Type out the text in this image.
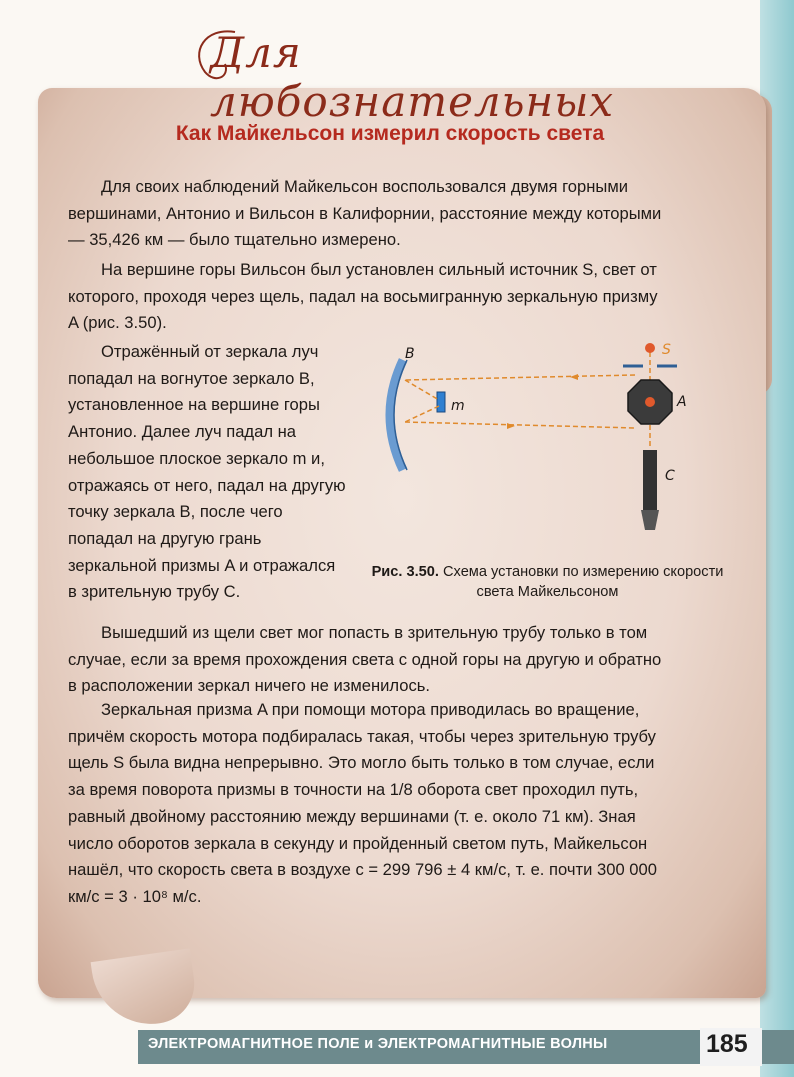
Для любознательных
Как Майкельсон измерил скорость света

Для своих наблюдений Майкельсон воспользовался двумя горными вершинами, Антонио и Вильсон в Калифорнии, расстояние между которыми — 35,426 км — было тщательно измерено.

На вершине горы Вильсон был установлен сильный источник S, свет от которого, проходя через щель, падал на восьмигранную зеркальную призму A (рис. 3.50).

Отражённый от зеркала луч попадал на вогнутое зеркало B, установленное на вершине горы Антонио. Далее луч падал на небольшое плоское зеркало m и, отражаясь от него, падал на другую точку зеркала B, после чего попадал на другую грань зеркальной призмы A и отражался в зрительную трубу C.

Вышедший из щели свет мог попасть в зрительную трубу только в том случае, если за время прохождения света с одной горы на другую и обратно в расположении зеркал ничего не изменилось.

Зеркальная призма A при помощи мотора приводилась во вращение, причём скорость мотора подбиралась такая, чтобы через зрительную трубу щель S была видна непрерывно. Это могло быть только в том случае, если за время поворота призмы в точности на 1/8 оборота свет проходил путь, равный двойному расстоянию между вершинами (т. е. около 71 км). Зная число оборотов зеркала в секунду и пройденный светом путь, Майкельсон нашёл, что скорость света в воздухе c = 299 796 ± 4 км/с, т. е. почти 300 000 км/с = 3 · 10⁸ м/с.

B
m
S
A
C
Рис. 3.50. Схема установки по измерению скорости света Майкельсоном
ЭЛЕКТРОМАГНИТНОЕ ПОЛЕ и ЭЛЕКТРОМАГНИТНЫЕ ВОЛНЫ	185
